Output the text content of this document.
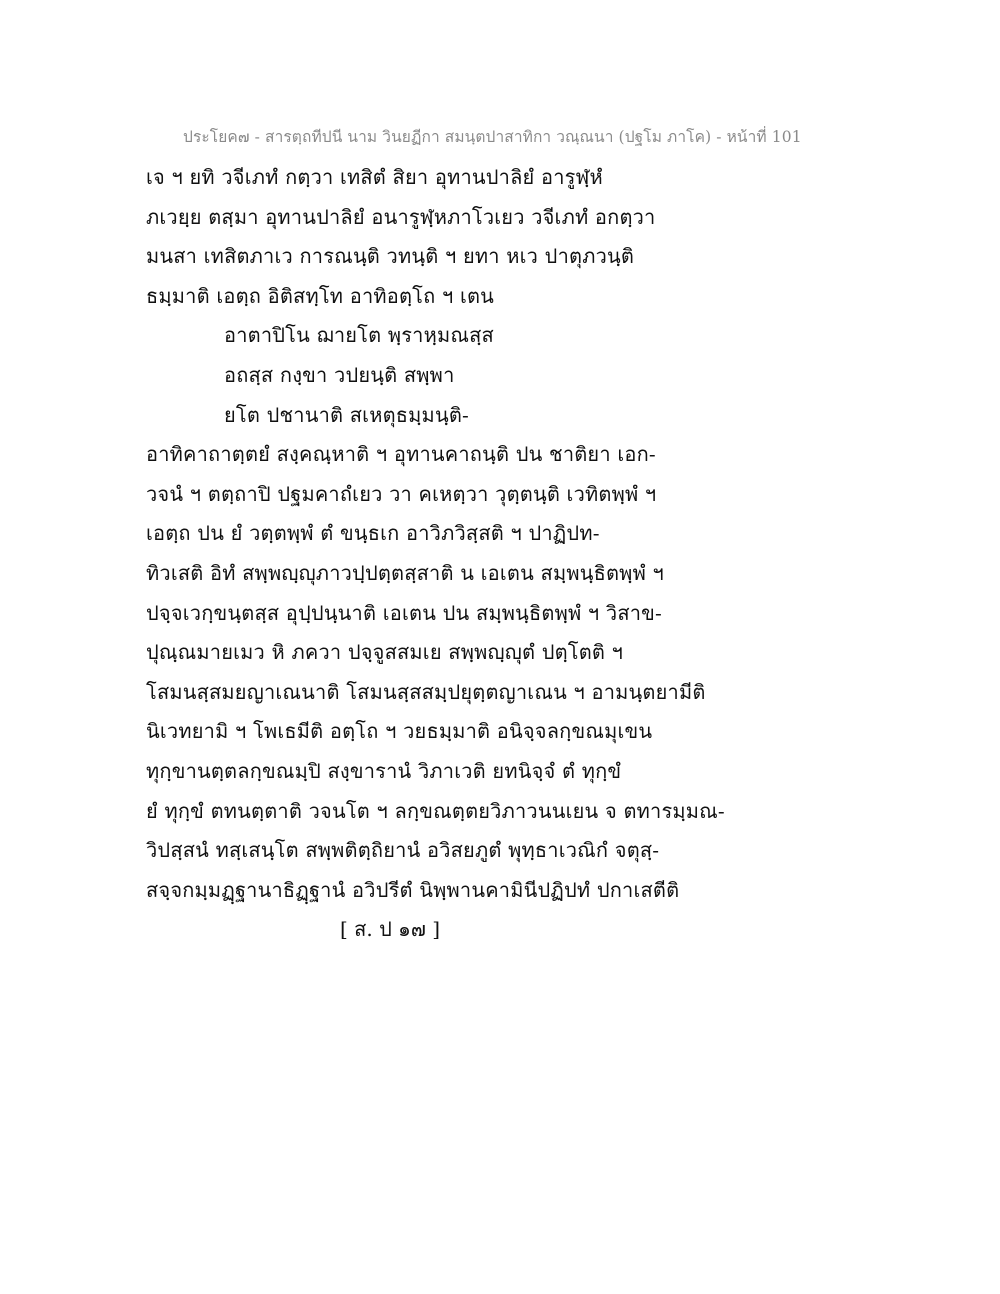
ประโยค๗ - สารตฺถทีปนี นาม วินยฏีกา สมนฺตปาสาทิกา วณฺณนา (ปฐโม ภาโค) - หน้าที่ 101
เจ ฯ ยทิ วจีเภทํ กตฺวา เทสิตํ สิยา อุทานปาลิยํ อารูฬฺหํ
ภเวยฺย ตสฺมา อุทานปาลิยํ อนารูฬฺหภาโวเยว วจีเภทํ อกตฺวา
มนสา เทสิตภาเว การณนฺติ วทนฺติ ฯ ยทา หเว ปาตุภวนฺติ
ธมฺมาติ เอตฺถ อิติสทฺโท อาทิอตฺโถ ฯ เตน
อาตาปิโน ฌายโต พฺราหฺมณสฺส
อถสฺส กงฺขา วปยนฺติ สพฺพา
ยโต ปชานาติ สเหตุธมฺมนฺติ-
อาทิคาถาตฺตยํ สงฺคณฺหาติ ฯ อุทานคาถนฺติ ปน ชาติยา เอก-
วจนํ ฯ ตตฺถาปิ ปฐมคาถํเยว วา คเหตฺวา วุตฺตนฺติ เวทิตพฺพํ ฯ
เอตฺถ ปน ยํ วตฺตพฺพํ ตํ ขนฺธเก อาวิภวิสฺสติ ฯ ปาฏิปท-
ทิวเสติ อิทํ สพฺพญฺญุภาวปฺปตฺตสฺสาติ น เอเตน สมฺพนฺธิตพฺพํ ฯ
ปจฺจเวกฺขนฺตสฺส อุปฺปนฺนาติ เอเตน ปน สมฺพนฺธิตพฺพํ ฯ วิสาข-
ปุณฺณมายเมว หิ ภควา ปจฺจูสสมเย สพฺพญฺญุตํ ปตฺโตติ ฯ
โสมนสฺสมยญาเณนาติ โสมนสฺสสมฺปยุตฺตญาเณน ฯ อามนฺตยามีติ
นิเวทยามิ ฯ โพเธมีติ อตฺโถ ฯ วยธมฺมาติ อนิจฺจลกฺขณมุเขน
ทุกฺขานตฺตลกฺขณมฺปิ สงฺขารานํ วิภาเวติ ยทนิจฺจํ ตํ ทุกฺขํ
ยํ ทุกฺขํ ตทนตฺตาติ วจนโต ฯ ลกฺขณตฺตยวิภาวนนเยน จ ตทารมฺมณ-
วิปสฺสนํ ทสฺเสนฺโต สพฺพติตฺถิยานํ อวิสยภูตํ พุทฺธาเวณิกํ จตุสฺ-
สจฺจกมฺมฏฺฐานาธิฏฺฐานํ อวิปรีตํ นิพฺพานคามินีปฏิปทํ ปกาเสตีติ
[ ส. ป ๑๗ ]
